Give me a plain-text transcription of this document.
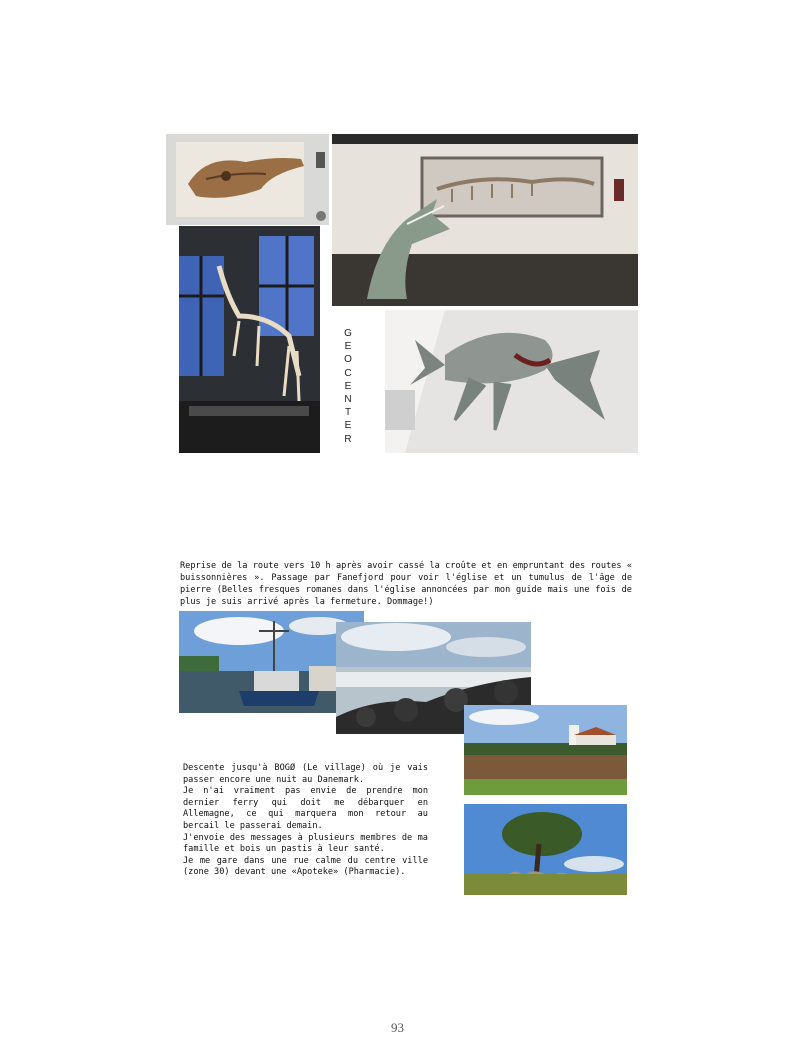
G
E
O
C
E
N
T
E
R
Reprise de la route vers 10 h après avoir cassé la croûte et en empruntant des routes « buissonnières ». Passage par Fanefjord pour voir l'église et un tumulus de l'âge de pierre (Belles fresques romanes dans l'église annoncées par mon guide mais une fois de plus je suis arrivé après la fermeture. Dommage!)

Descente jusqu'à BOGØ (Le village) où je vais passer encore une nuit au Danemark.

Je n'ai vraiment pas envie de prendre mon dernier ferry qui doit me débarquer en Allemagne, ce qui marquera mon retour au bercail le passerai demain.

J'envoie des messages à plusieurs membres de ma famille et bois un pastis à leur santé.

Je me gare dans une rue calme du centre ville (zone 30) devant une «Apoteke» (Pharmacie).

93
